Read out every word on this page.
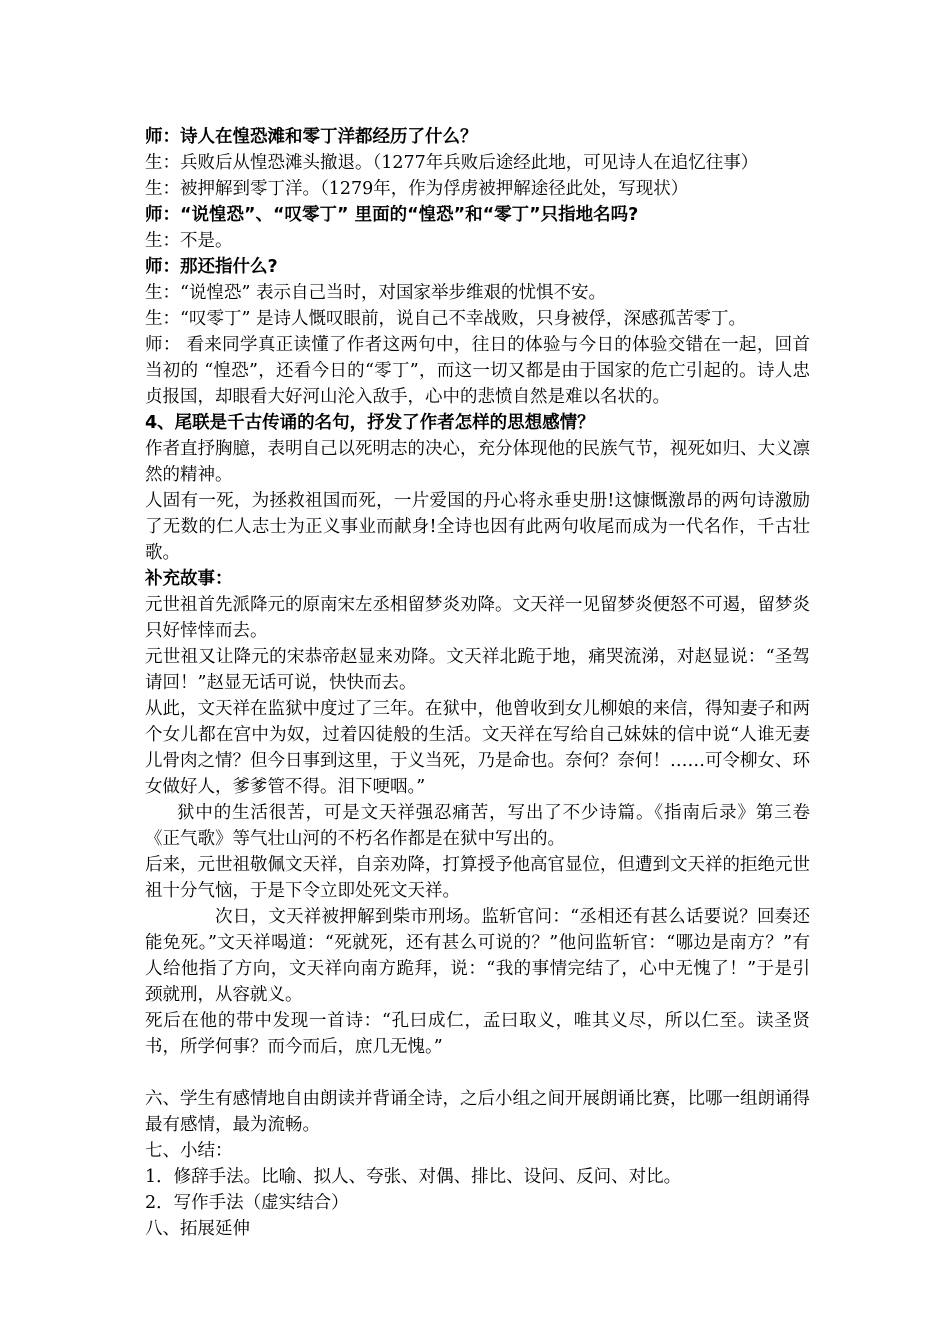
师：诗人在惶恐滩和零丁洋都经历了什么？

生：兵败后从惶恐滩头撤退。（1277年兵败后途经此地，可见诗人在追忆往事）

生：被押解到零丁洋。（1279年，作为俘虏被押解途径此处，写现状）

师：“说惶恐”、“叹零丁” 里面的“惶恐”和“零丁”只指地名吗?

生：不是。

师：那还指什么?

生：“说惶恐” 表示自己当时，对国家举步维艰的忧惧不安。

生：“叹零丁” 是诗人慨叹眼前，说自己不幸战败，只身被俘，深感孤苦零丁。

师： 看来同学真正读懂了作者这两句中，往日的体验与今日的体验交错在一起，回首当初的 “惶恐”，还看今日的“零丁”，而这一切又都是由于国家的危亡引起的。诗人忠贞报国，却眼看大好河山沦入敌手，心中的悲愤自然是难以名状的。

4、尾联是千古传诵的名句，抒发了作者怎样的思想感情？

作者直抒胸臆，表明自己以死明志的决心，充分体现他的民族气节，视死如归、大义凛然的精神。

人固有一死，为拯救祖国而死，一片爱国的丹心将永垂史册!这慷慨激昂的两句诗激励了无数的仁人志士为正义事业而献身!全诗也因有此两句收尾而成为一代名作，千古壮歌。

补充故事：

元世祖首先派降元的原南宋左丞相留梦炎劝降。文天祥一见留梦炎便怒不可遏，留梦炎只好悻悻而去。

元世祖又让降元的宋恭帝赵显来劝降。文天祥北跪于地，痛哭流涕，对赵显说：“圣驾请回！”赵显无话可说，快快而去。

从此，文天祥在监狱中度过了三年。在狱中，他曾收到女儿柳娘的来信，得知妻子和两个女儿都在宫中为奴，过着囚徒般的生活。文天祥在写给自己妹妹的信中说“人谁无妻儿骨肉之情？但今日事到这里，于义当死，乃是命也。奈何？奈何！……可令柳女、环女做好人，爹爹管不得。泪下哽咽。”

狱中的生活很苦，可是文天祥强忍痛苦，写出了不少诗篇。《指南后录》第三卷《正气歌》等气壮山河的不朽名作都是在狱中写出的。

后来，元世祖敬佩文天祥，自亲劝降，打算授予他高官显位，但遭到文天祥的拒绝元世祖十分气恼，于是下令立即处死文天祥。

次日，文天祥被押解到柴市刑场。监斩官问：“丞相还有甚么话要说？回奏还能免死。”文天祥喝道：“死就死，还有甚么可说的？”他问监斩官：“哪边是南方？”有人给他指了方向，文天祥向南方跪拜，说：“我的事情完结了，心中无愧了！”于是引颈就刑，从容就义。

死后在他的带中发现一首诗：“孔曰成仁，孟曰取义，唯其义尽，所以仁至。读圣贤书，所学何事？而今而后，庶几无愧。”

六、学生有感情地自由朗读并背诵全诗，之后小组之间开展朗诵比赛，比哪一组朗诵得最有感情，最为流畅。

七、小结：

1．修辞手法。比喻、拟人、夸张、对偶、排比、设问、反问、对比。

2．写作手法（虚实结合）

八、拓展延伸
